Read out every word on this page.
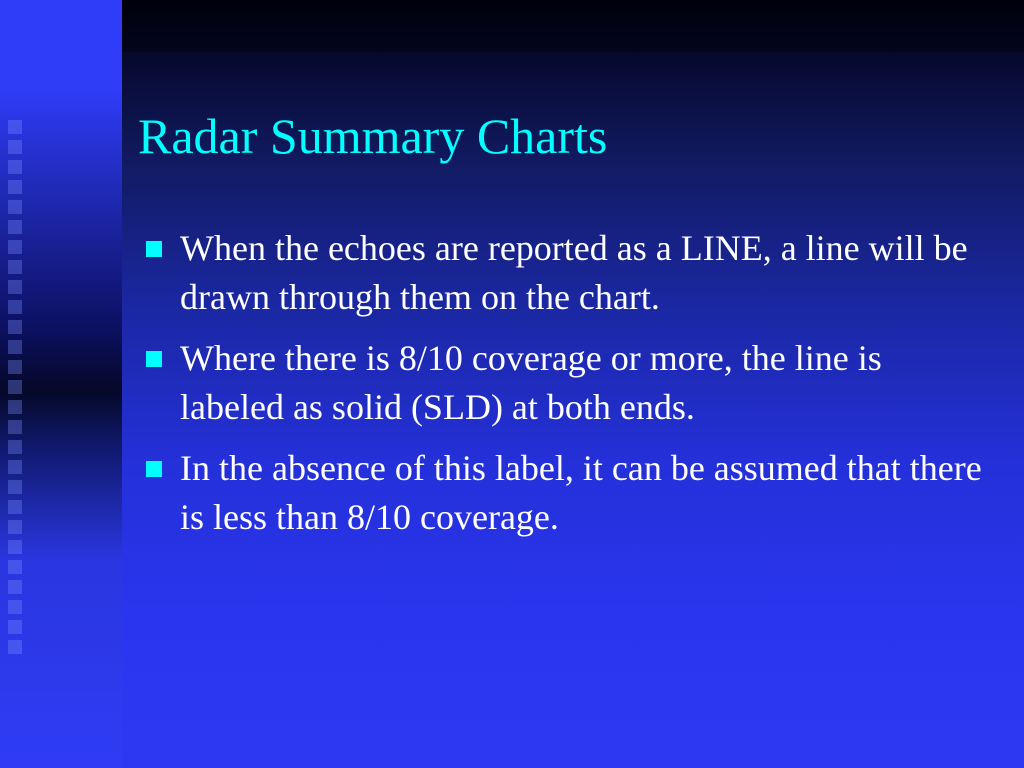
Radar Summary Charts
When the echoes are reported as a LINE, a line will be drawn through them on the chart.
Where there is 8/10 coverage or more, the line is labeled as solid (SLD) at both ends.
In the absence of this label, it can be assumed that there is less than 8/10 coverage.
